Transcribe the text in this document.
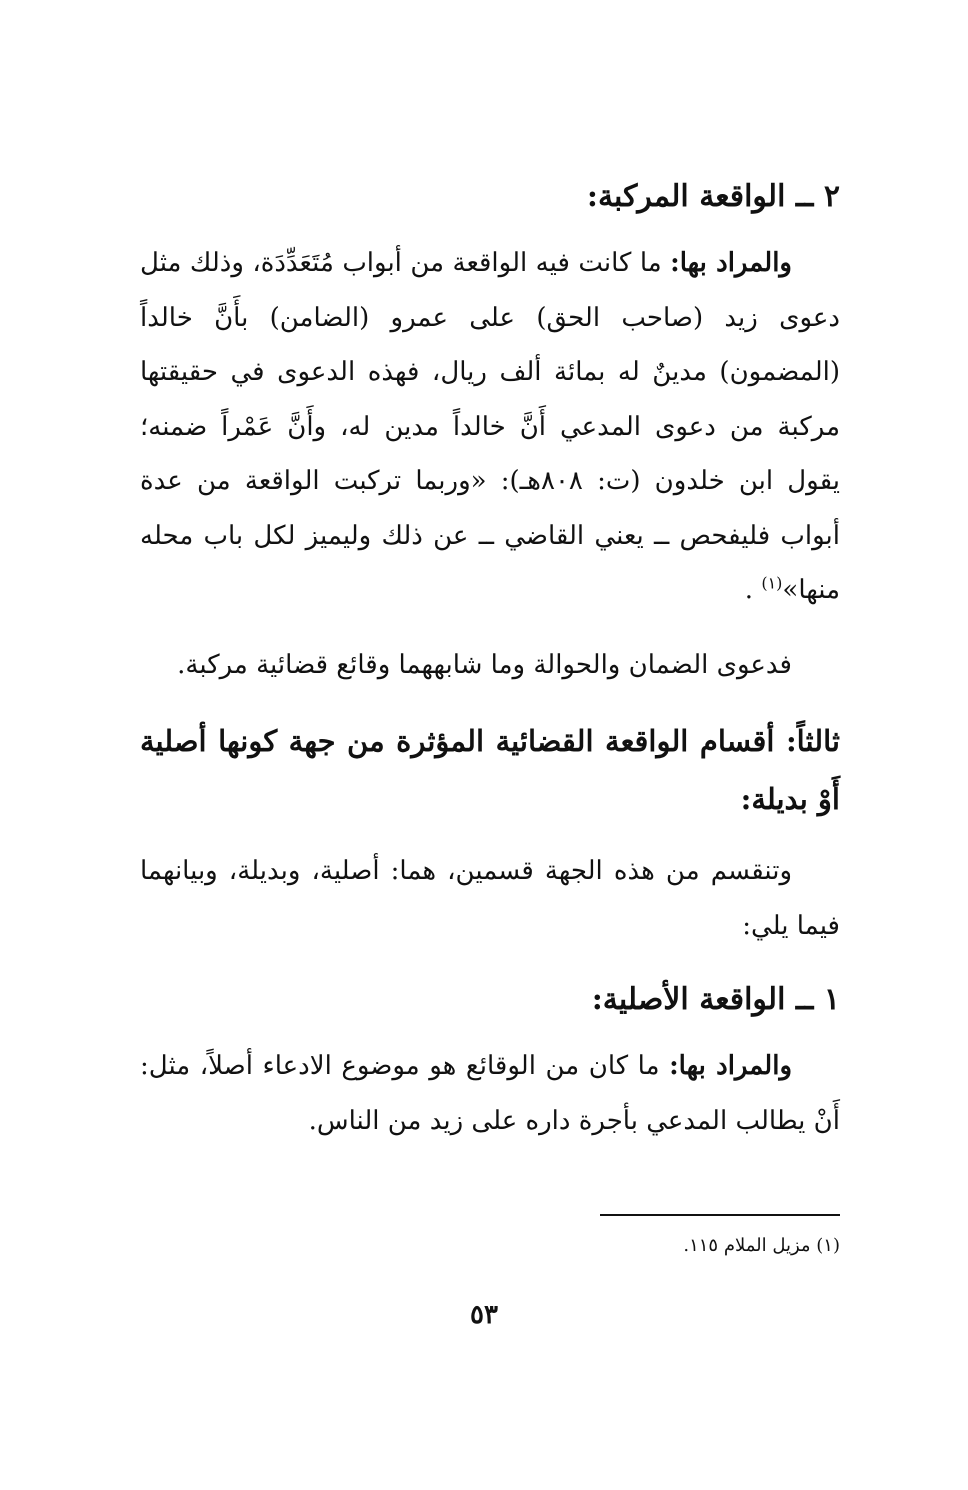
٢ ــ الواقعة المركبة:

والمراد بها: ما كانت فيه الواقعة من أبواب مُتَعَدِّدَة، وذلك مثل دعوى زيد (صاحب الحق) على عمرو (الضامن) بأَنَّ خالداً (المضمون) مدينٌ له بمائة ألف ريال، فهذه الدعوى في حقيقتها مركبة من دعوى المدعي أَنَّ خالداً مدين له، وأَنَّ عَمْراً ضمنه؛ يقول ابن خلدون (ت: ٨٠٨هـ): «وربما تركبت الواقعة من عدة أبواب فليفحص ــ يعني القاضي ــ عن ذلك وليميز لكل باب محله منها»$^{(١)}$ .

فدعوى الضمان والحوالة وما شابههما وقائع قضائية مركبة.

ثالثاً: أقسام الواقعة القضائية المؤثرة من جهة كونها أصلية أَوْ بديلة:

وتنقسم من هذه الجهة قسمين، هما: أصلية، وبديلة، وبيانهما فيما يلي:

١ ــ الواقعة الأصلية:

والمراد بها: ما كان من الوقائع هو موضوع الادعاء أصلاً، مثل: أَنْ يطالب المدعي بأجرة داره على زيد من الناس.

(١) مزيل الملام ١١٥.
٥٣
